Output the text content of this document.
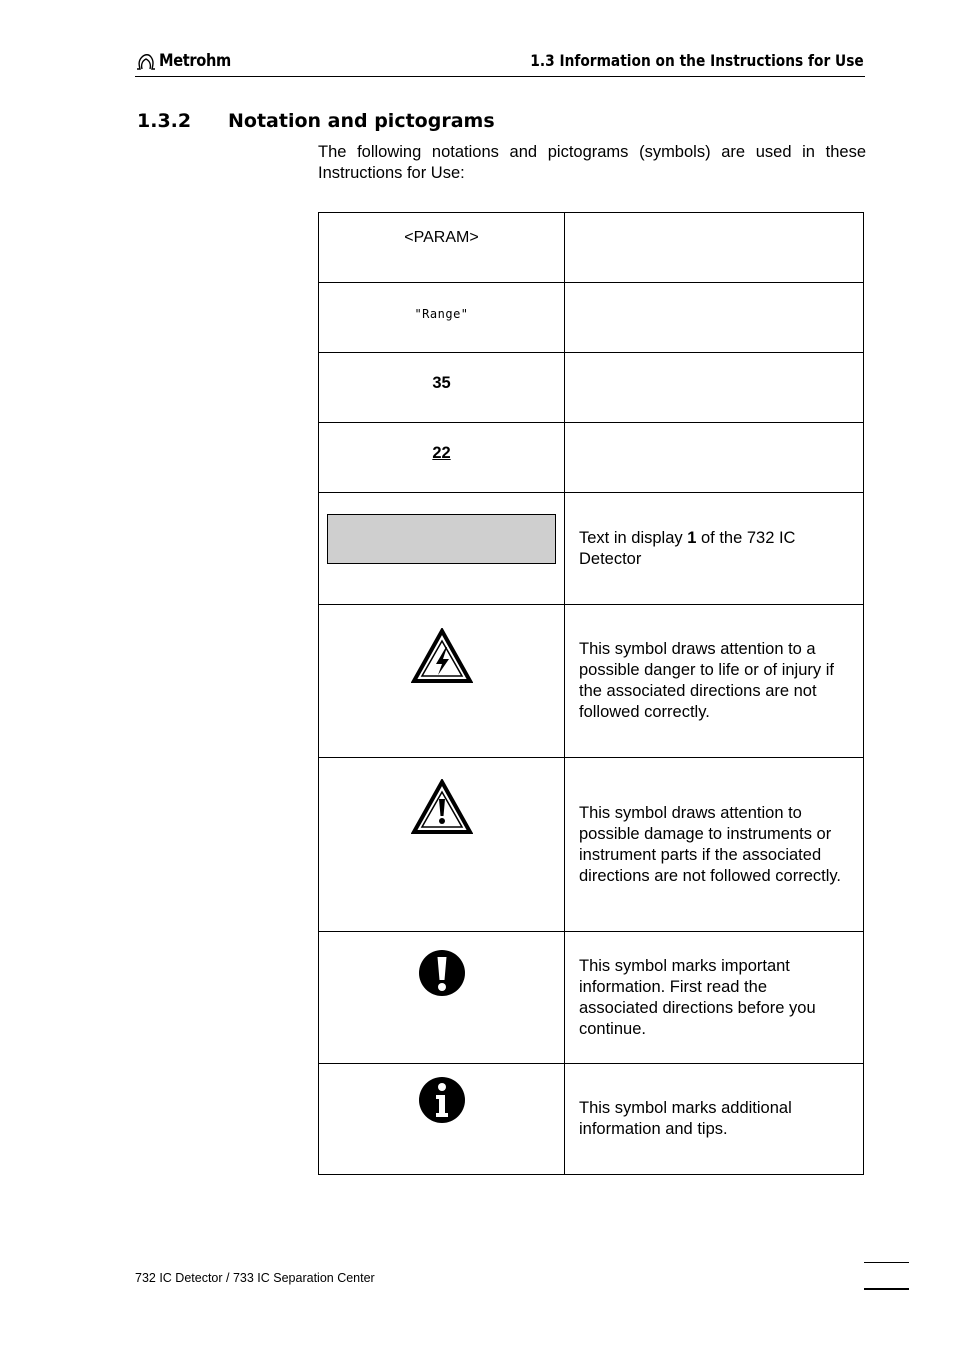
Metrohm	1.3 Information on the Instructions for Use
1.3.2 Notation and pictograms
The following notations and pictograms (symbols) are used in these Instructions for Use:
<PARAM>	
$^{"Range"}$	
35	
22	

	Text in display 1 of the 732 IC Detector
	This symbol draws attention to a possible danger to life or of injury if the associated directions are not followed correctly.
	This symbol draws attention to possible damage to instruments or instrument parts if the associated directions are not followed correctly.
	This symbol marks important information. First read the associated directions before you continue.
	This symbol marks additional information and tips.
732 IC Detector / 733 IC Separation Center
